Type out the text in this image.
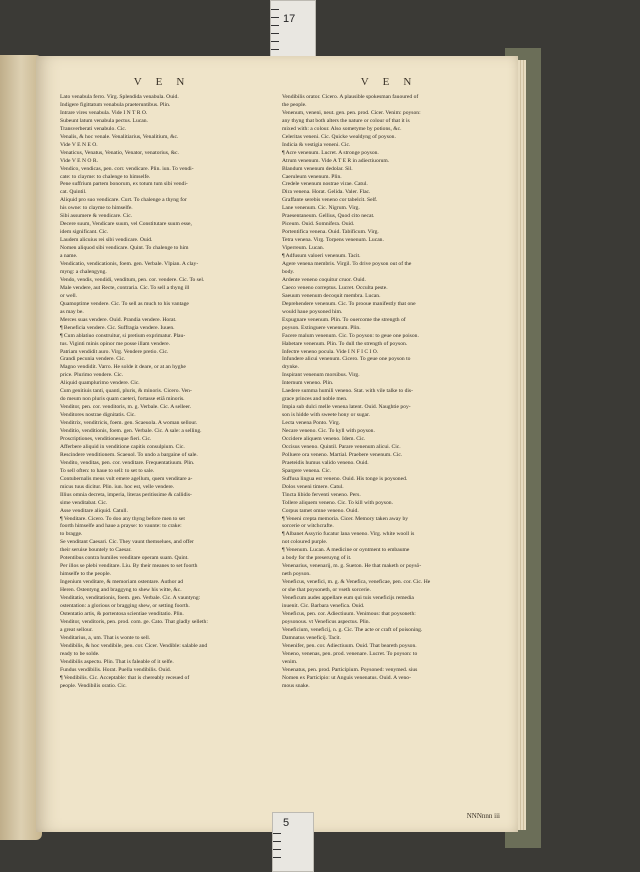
17
VEN
Lato venabula ferro. Virg. Splendida venabula. Ouid.
Indigere figittatum venabula praeteruntibus. Plin.
Intrare vires venabula. Vide I N T R O.
Subeunt latum venabula pectus. Lucan.
Transverberati venabulo. Cic.
Venalis, & hoc venale. Venalitiarius, Venalitium, &c.
Vide V E N E O.
Venaticus, Venatus, Venatio, Venator, venatorius, &c.
Vide V E N O R.
Vendico, vendicas, pen. corr. vendicare. Plin. iun. To vendi-
cate: to clayme: to chalenge to himselfe.
Pene suffrium partem bonorum, ex totum tum sibi vendi-
cat. Quintil.
Aliquid pro suo vendicare. Curt. To chalenge a thyng for
his owne: to clayme to himselfe.
Sibi assumere & vendicare. Cic.
Decere suum, Vendicare suum, vel Constitutare suum esse,
idem significant. Cic.
Laudem alicuius rei sibi vendicare. Ouid.
Nomen aliquod sibi vendicare. Quint. To chalenge to him
a name.
Vendicatio, vendicationis, foem. gen. Verbale. Vlpian. A clay-
myng: a chalengyng.
Vendo, vendis, vendidi, venditum, pen. cor. vendere. Cic. To sel.
Male vendere, aut Recte, contraria. Cic. To sell a thyng ill
or well.
Quamoptime vendere. Cic. To sell as much to his vantage
as may be.
Merces suas vendere. Ouid. Prandia vendere. Horat.
¶ Beneficia vendere. Cic. Suffragia vendere. Iuuen.
¶ Cum ablatiuo construitur, si pretium exprimatur. Plau-
tus. Viginti minis opinor me posse illam vendere.
Patriam vendidit auro. Virg. Vendere pretio. Cic.
Grandi pecunia vendere. Cic.
Magno vendidit. Varro. He solde it deare, or at an hyghe
price. Plurimo vendere. Cic.
Aliquid quamplurimo vendere. Cic.
Cum genitiuis tanti, quanti, pluris, & minoris. Cicero. Ven-
do meum non pluris quam caeteri, fortasse etiã minoris.
Venditor, pen. cor. venditoris, m. g. Verbale. Cic. A selleer.
Venditores nostrae dignitatis. Cic.
Venditrix, venditricis, foem. gen. Scaeuola. A woman sellour.
Venditio, venditionis, foem. gen. Verbale. Cic. A sale: a selling.
Proscriptiones, venditionesque fieri. Cic.
Afferbere aliquid in venditione capitis consulpium. Cic.
Rescindere venditionem. Scaeuol. To undo a bargaine of sale.
Vendito, venditas, pen. cor. venditare. Frequentatiuum. Plin.
To sell often: to haue to sell: to set to sale.
Contubernalis meus vult emere agellum, quem venditare a-
micus tuus dicitur. Plin. iun. hoc est, velle vendere.
Illius omnia decreta, imperia, literas peritissime & callidis-
sime venditabat. Cic.
Asse venditare aliquid. Catull.
¶ Venditare. Cicero. To doo any thyng before men to set
foorth himselfe and haue a prayse: to vaunte: to crake:
to bragge.
Se venditant Caesari. Cic. They vaunt themselues, and offer
their seruise bountely to Caesar.
Potentibus contra humiles venditare operam suam. Quint.
Per illos se plebi venditare. Liu. By their meanes to set foorth
himselfe to the people.
Ingenium venditare, & memoriam ostentare. Author ad
Heren. Ostentyng and braggyng to shew his witte, &c.
Venditatio, venditationis, foem. gen. Verbale. Cic. A vauntyng:
ostentation: a glorious or bragging shew, or setting foorth.
Ostentatio artis, & portentosa scientiae venditatio. Plin.
Venditor, venditoris, pen. prod. com. ge. Cato. That gladly selleth:
a great sellour.
Venditarius, a, um. That is wonte to sell.
Vendibilis, & hoc vendibile, pen. cor. Cicer. Vendible: salable and
ready to be solde.
Vendibilis aspectu. Plin. That is faleable of it selfe.
Fundus vendibilis. Horat. Puella vendibilis. Ouid.
¶ Vendibilis. Cic. Acceptable: that is chereably receued of
people. Vendibilis oratio. Cic.
VEN
Vendibilis orator. Cicero. A plausible spokesman fauoured of
the people.
Venenum, veneni, neut. gen. pen. prod. Cicer. Venim: poyson:
any thyng that both alters the nature or colour of that it is
mixed with: a colour. Also sometyme by potions, &c.
Celeritas veneni. Cic. Quicke wealdyng of poyson.
Indicia & vestigia veneni. Cic.
¶ Acre venenum. Lucret. A stronge poyson.
Atrum venenum. Vide A T E R in adiectiuorum.
Blandum venenum dedolar. Sil.
Caeruleum venenum. Plin.
Credele venenum nostrae virae. Catul.
Dira venena. Horat. Gelida. Valer. Flac.
Graffante serebis veneno cor tabelcit. Self.
Lane venenum. Cic. Nigrum. Virg.
Praesentaneum. Gellius, Quod cito necat.
Piceum. Ouid. Somnifera. Ouid.
Portentifica venena. Ouid. Tabificum. Virg.
Tetra venena. Virg. Torpens venenum. Lucan.
Viperreum. Lucan.
¶ Adfusum valoeri venenum. Tacit.
Agere venena membris. Virgil. To drive poyson out of the
body.
Ardente veneno coquitur cruor. Ouid.
Caeco veneno correptus. Lucret. Occulta peste.
Saeuum venenum decoquit membra. Lucan.
Deprehendere venenum. Cic. To prooue manifestly that one
would haue poysoned him.
Expugnare venenum. Plin. To ouercome the strength of
poyson. Extinguere venenum. Plin.
Facere malum venenum. Cic. To poyson: to geue one poison.
Habetare venenum. Plin. To dull the strength of poyson.
Infectre veneno pocula. Vide I N F I C I O.
Infundere alicui venenum. Cicero. To geue one poyson to
drynke.
Inspirant venenum morsibus. Virg.
Internum veneno. Plin.
Laedere summa humili veneno. Stat. with vile talke to dis-
grace princes and noble men.
Impia sub dulci melle venena latent. Ouid. Naughtie poy-
son is hidde with sweete hony or sugar.
Lecta venena Ponto. Virg.
Necare veneno. Cic. To kyll with poyson.
Occidere aliquem veneno. Idem. Cic.
Occisus veneno. Quintil. Parare venenum alicui. Cic.
Polluere ora veneno. Martial. Praebere venenum. Cic.
Praeteidis humus valido veneno. Ouid.
Spargere venena. Cic.
Suffusa lingua est veneno. Ouid. His tonge is poysoned.
Dolos veneni timere. Catul.
Tincta libido ferventi veneno. Pers.
Tollere aliquem veneno. Cic. To kill with poyson.
Corpus tamet omne veneno. Ouid.
¶ Veneni crepta memoria. Cicer. Memory taken away by
sorcerie or witchcrafte.
¶ Albanet Assyrio fucatur lana veneno. Virg. white wooll is
not coloured purple.
¶ Venenum. Lucan. A medicine or oyntment to embaume
a body for the preseruyng of it.
Venenarius, venenarij, m. g. Sueton. He that maketh or poysō-
neth poyson.
Veneficus, venefici, m. g. & Venefica, veneficae, pen. cor. Cic. He
or she that poysoneth, or vseth sorcerie.
Veneficum audes appellare eum qui tuis veneficijs remedia
inuenit. Cic. Barbara venefica. Ouid.
Veneficus, pen. cor. Adiectiuum. Venimous: that poysoneth:
poysonous. vt Veneficus aspectus. Plin.
Veneficium, veneficij, n. g. Cic. The acte or craft of poisoning.
Damnatus veneficij. Tacit.
Venenifer, pen. cor. Adiectiuum. Ouid. That beareth poyson.
Veneno, venenas, pen. prod. venenare. Lucret. To poyson: to
venim.
Venenatus, pen. prod. Participium. Poysoned: venymed. sius
Nomen ex Participio: ut Anguis venenatus. Ouid. A veno-
mous snake.
NNNnnn iii
5
